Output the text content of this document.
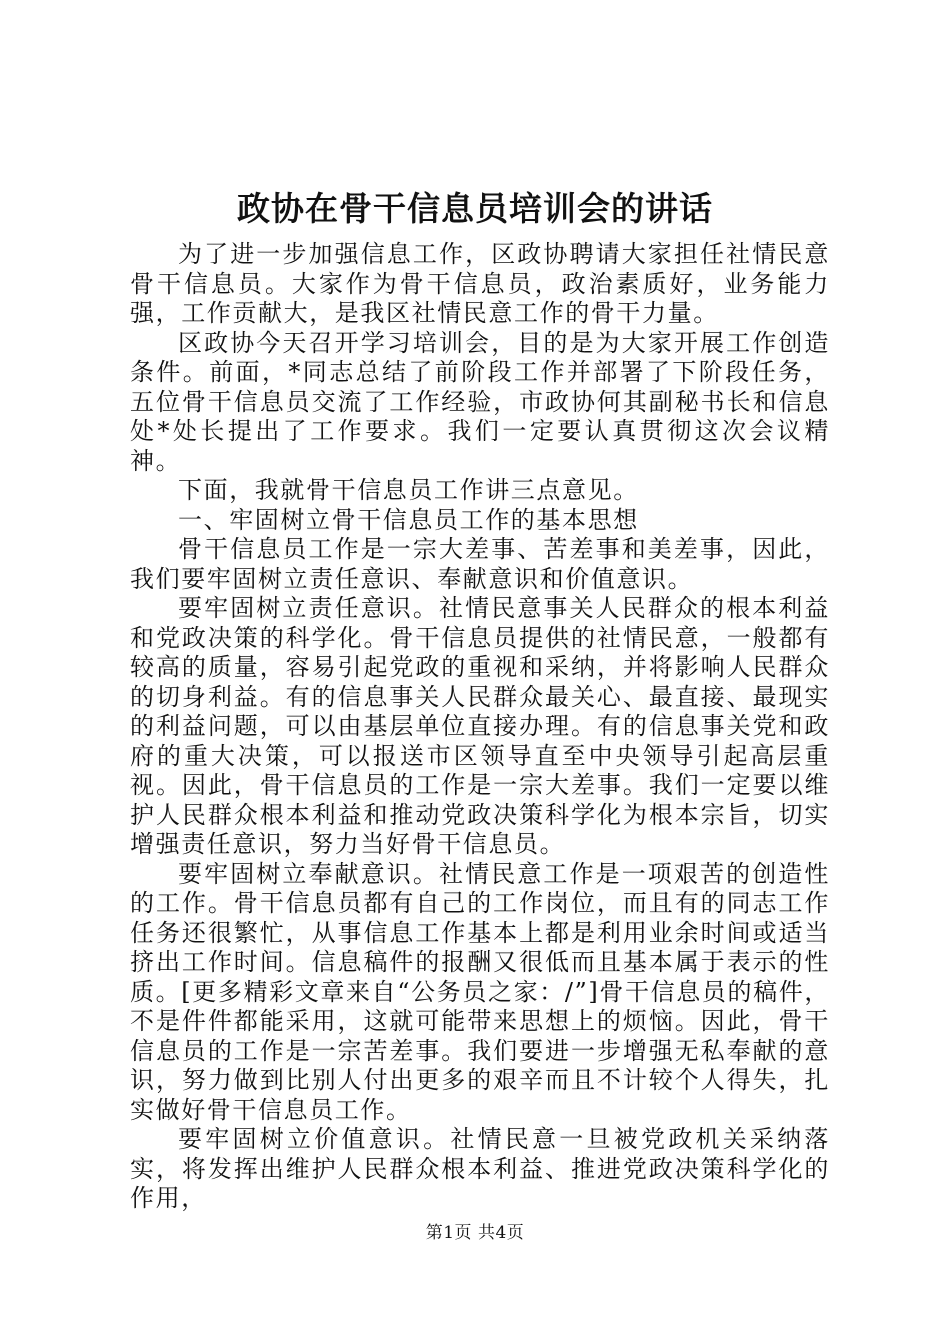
政协在骨干信息员培训会的讲话

为了进一步加强信息工作，区政协聘请大家担任社情民意骨干信息员。大家作为骨干信息员，政治素质好，业务能力强，工作贡献大，是我区社情民意工作的骨干力量。

区政协今天召开学习培训会，目的是为大家开展工作创造条件。前面，*同志总结了前阶段工作并部署了下阶段任务，五位骨干信息员交流了工作经验，市政协何其副秘书长和信息处*处长提出了工作要求。我们一定要认真贯彻这次会议精神。

下面，我就骨干信息员工作讲三点意见。

一、牢固树立骨干信息员工作的基本思想

骨干信息员工作是一宗大差事、苦差事和美差事，因此，我们要牢固树立责任意识、奉献意识和价值意识。

要牢固树立责任意识。社情民意事关人民群众的根本利益和党政决策的科学化。骨干信息员提供的社情民意，一般都有较高的质量，容易引起党政的重视和采纳，并将影响人民群众的切身利益。有的信息事关人民群众最关心、最直接、最现实的利益问题，可以由基层单位直接办理。有的信息事关党和政府的重大决策，可以报送市区领导直至中央领导引起高层重视。因此，骨干信息员的工作是一宗大差事。我们一定要以维护人民群众根本利益和推动党政决策科学化为根本宗旨，切实增强责任意识，努力当好骨干信息员。

要牢固树立奉献意识。社情民意工作是一项艰苦的创造性的工作。骨干信息员都有自己的工作岗位，而且有的同志工作任务还很繁忙，从事信息工作基本上都是利用业余时间或适当挤出工作时间。信息稿件的报酬又很低而且基本属于表示的性质。[更多精彩文章来自“公务员之家：/”]骨干信息员的稿件，不是件件都能采用，这就可能带来思想上的烦恼。因此，骨干信息员的工作是一宗苦差事。我们要进一步增强无私奉献的意识，努力做到比别人付出更多的艰辛而且不计较个人得失，扎实做好骨干信息员工作。

要牢固树立价值意识。社情民意一旦被党政机关采纳落实，将发挥出维护人民群众根本利益、推进党政决策科学化的作用，

第1页 共4页
